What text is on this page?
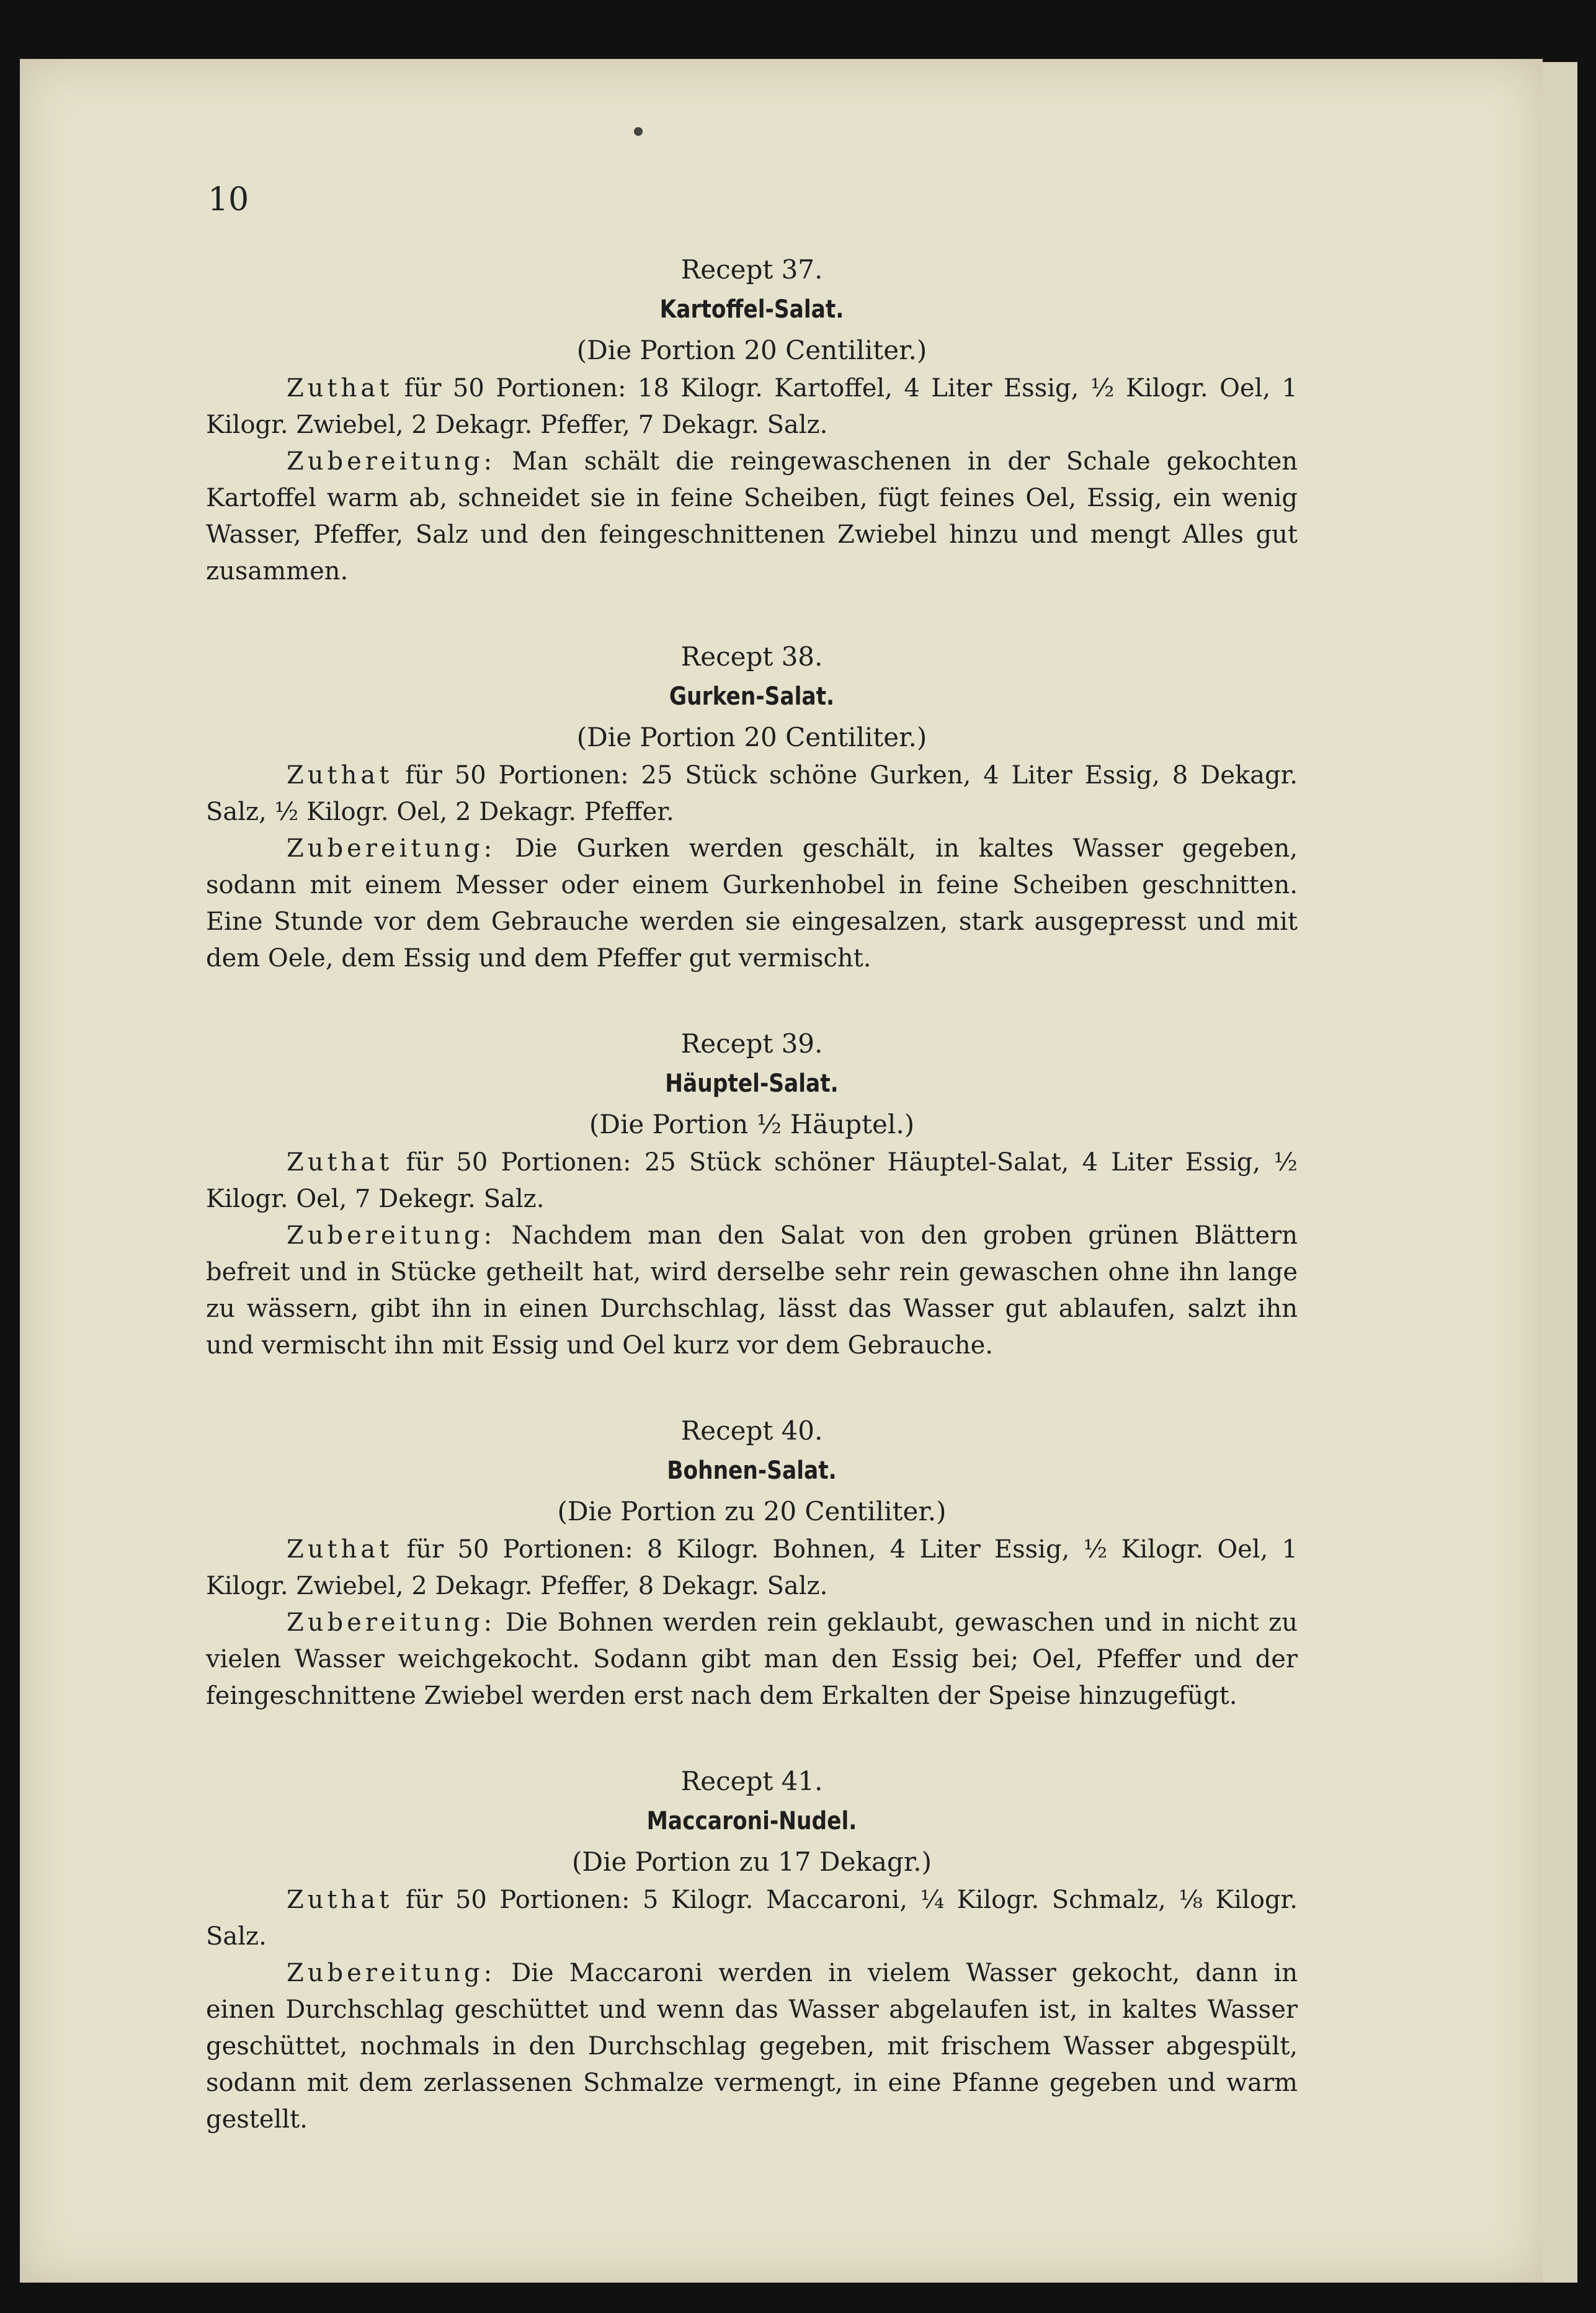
10
Recept 37.
Kartoffel-Salat.
(Die Portion 20 Centiliter.)

Zuthat für 50 Portionen: 18 Kilogr. Kartoffel, 4 Liter Essig, ½ Kilogr. Oel, 1 Kilogr. Zwiebel, 2 Dekagr. Pfeffer, 7 Dekagr. Salz.

Zubereitung: Man schält die reingewaschenen in der Schale gekochten Kartoffel warm ab, schneidet sie in feine Scheiben, fügt feines Oel, Essig, ein wenig Wasser, Pfeffer, Salz und den feingeschnittenen Zwiebel hinzu und mengt Alles gut zusammen.

Recept 38.
Gurken-Salat.
(Die Portion 20 Centiliter.)

Zuthat für 50 Portionen: 25 Stück schöne Gurken, 4 Liter Essig, 8 Dekagr. Salz, ½ Kilogr. Oel, 2 Dekagr. Pfeffer.

Zubereitung: Die Gurken werden geschält, in kaltes Wasser gegeben, sodann mit einem Messer oder einem Gurkenhobel in feine Scheiben geschnitten. Eine Stunde vor dem Gebrauche werden sie eingesalzen, stark ausgepresst und mit dem Oele, dem Essig und dem Pfeffer gut vermischt.

Recept 39.
Häuptel-Salat.
(Die Portion ½ Häuptel.)

Zuthat für 50 Portionen: 25 Stück schöner Häuptel-Salat, 4 Liter Essig, ½ Kilogr. Oel, 7 Dekegr. Salz.

Zubereitung: Nachdem man den Salat von den groben grünen Blättern befreit und in Stücke getheilt hat, wird derselbe sehr rein gewaschen ohne ihn lange zu wässern, gibt ihn in einen Durchschlag, lässt das Wasser gut ablaufen, salzt ihn und vermischt ihn mit Essig und Oel kurz vor dem Gebrauche.

Recept 40.
Bohnen-Salat.
(Die Portion zu 20 Centiliter.)

Zuthat für 50 Portionen: 8 Kilogr. Bohnen, 4 Liter Essig, ½ Kilogr. Oel, 1 Kilogr. Zwiebel, 2 Dekagr. Pfeffer, 8 Dekagr. Salz.

Zubereitung: Die Bohnen werden rein geklaubt, gewaschen und in nicht zu vielen Wasser weichgekocht. Sodann gibt man den Essig bei; Oel, Pfeffer und der feingeschnittene Zwiebel werden erst nach dem Erkalten der Speise hinzugefügt.

Recept 41.
Maccaroni-Nudel.
(Die Portion zu 17 Dekagr.)

Zuthat für 50 Portionen: 5 Kilogr. Maccaroni, ¼ Kilogr. Schmalz, ⅛ Kilogr. Salz.

Zubereitung: Die Maccaroni werden in vielem Wasser gekocht, dann in einen Durchschlag geschüttet und wenn das Wasser abgelaufen ist, in kaltes Wasser geschüttet, nochmals in den Durchschlag gegeben, mit frischem Wasser abgespült, sodann mit dem zerlassenen Schmalze vermengt, in eine Pfanne gegeben und warm gestellt.
